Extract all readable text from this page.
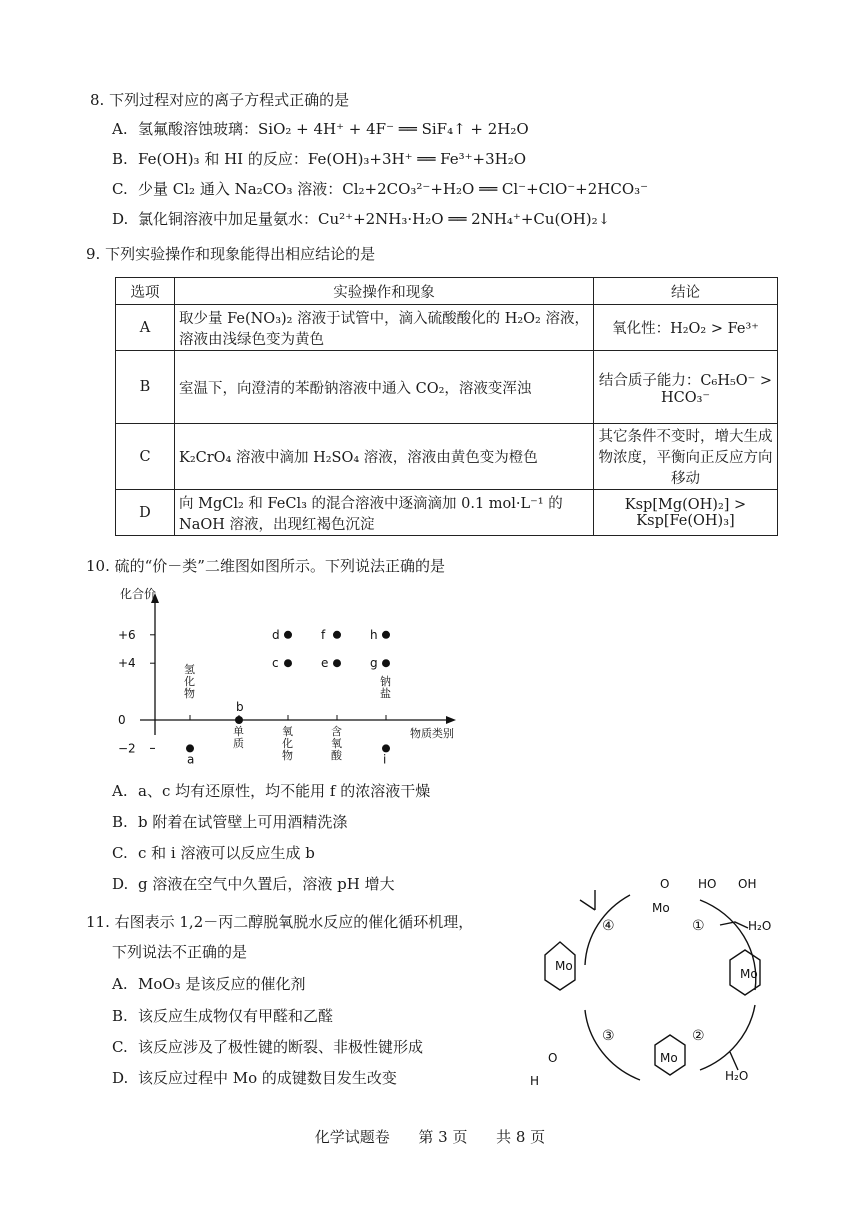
8. 下列过程对应的离子方程式正确的是
A. 氢氟酸溶蚀玻璃：SiO₂ + 4H⁺ + 4F⁻ ══ SiF₄↑ + 2H₂O
B. Fe(OH)₃ 和 HI 的反应：Fe(OH)₃+3H⁺ ══ Fe³⁺+3H₂O
C. 少量 Cl₂ 通入 Na₂CO₃ 溶液：Cl₂+2CO₃²⁻+H₂O ══ Cl⁻+ClO⁻+2HCO₃⁻
D. 氯化铜溶液中加足量氨水：Cu²⁺+2NH₃·H₂O ══ 2NH₄⁺+Cu(OH)₂↓
9. 下列实验操作和现象能得出相应结论的是
选项	实验操作和现象	结论
A	取少量 Fe(NO₃)₂ 溶液于试管中，滴入硫酸酸化的 H₂O₂ 溶液，溶液由浅绿色变为黄色	氧化性：H₂O₂ > Fe³⁺
B	室温下，向澄清的苯酚钠溶液中通入 CO₂，溶液变浑浊	结合质子能力：C₆H₅O⁻ > HCO₃⁻
C	K₂CrO₄ 溶液中滴加 H₂SO₄ 溶液，溶液由黄色变为橙色	其它条件不变时，增大生成物浓度，平衡向正反应方向移动
D	向 MgCl₂ 和 FeCl₃ 的混合溶液中逐滴滴加 0.1 mol·L⁻¹ 的 NaOH 溶液，出现红褐色沉淀	Ksp[Mg(OH)₂] > Ksp[Fe(OH)₃]
10. 硫的“价－类”二维图如图所示。下列说法正确的是
化合价
物质类别
+6
+4
0
−2
氢化物
单质
氧化物
含氧酸
钠盐
a
b
c
d
e
f
g
h
i
A. a、c 均有还原性，均不能用 f 的浓溶液干燥
B. b 附着在试管壁上可用酒精洗涤
C. c 和 i 溶液可以反应生成 b
D. g 溶液在空气中久置后，溶液 pH 增大
11. 右图表示 1,2－丙二醇脱氧脱水反应的催化循环机理，
下列说法不正确的是
A. MoO₃ 是该反应的催化剂
B. 该反应生成物仅有甲醛和乙醛
C. 该反应涉及了极性键的断裂、非极性键形成
D. 该反应过程中 Mo 的成键数目发生改变
Mo
O HO OH
H₂O
H₂O
Mo
Mo
Mo
H
O
①
②
③
④
化学试题卷      第 3 页      共 8 页
